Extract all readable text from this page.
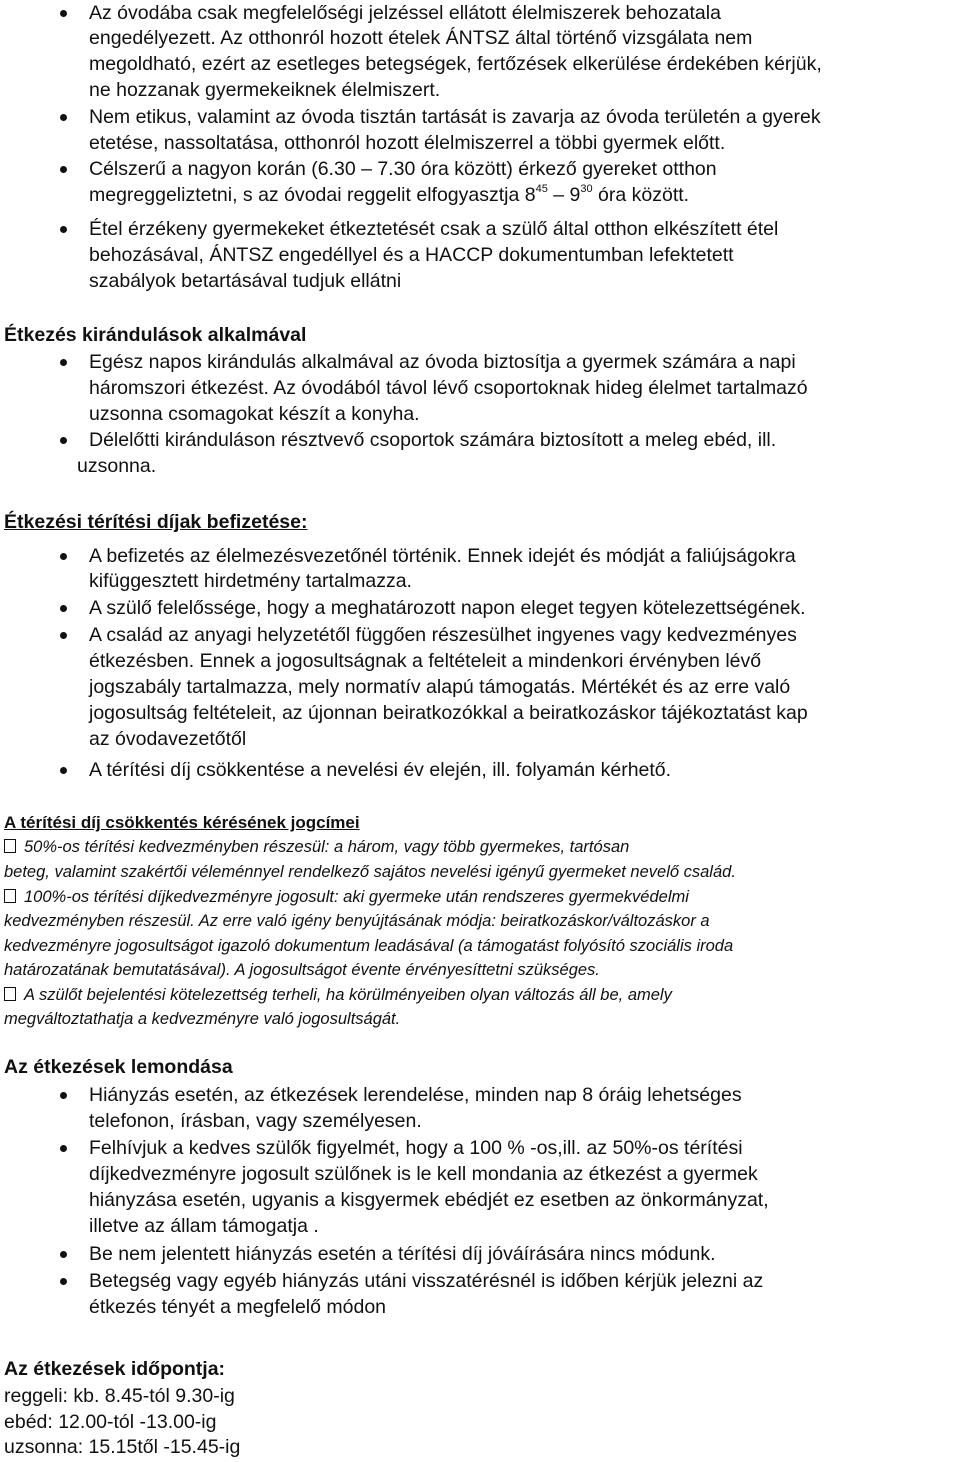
Az óvodába csak megfelelőségi jelzéssel ellátott élelmiszerek behozatala
engedélyezett. Az otthonról hozott ételek ÁNTSZ által történő vizsgálata nem
megoldható, ezért az esetleges betegségek, fertőzések elkerülése érdekében kérjük,
ne hozzanak gyermekeiknek élelmiszert.
Nem etikus, valamint az óvoda tisztán tartását is zavarja az óvoda területén a gyerek
etetése, nassoltatása, otthonról hozott élelmiszerrel a többi gyermek előtt.
Célszerű a nagyon korán (6.30 – 7.30 óra között) érkező gyereket otthon
megreggeliztetni, s az óvodai reggelit elfogyasztja $8^{45} - 9^{30}$ óra között.
Étel érzékeny gyermekeket étkeztetését csak a szülő által otthon elkészített étel
behozásával, ÁNTSZ engedéllyel és a HACCP dokumentumban lefektetett
szabályok betartásával tudjuk ellátni
Étkezés kirándulások alkalmával
Egész napos kirándulás alkalmával az óvoda biztosítja a gyermek számára a napi
háromszori étkezést. Az óvodából távol lévő csoportoknak hideg élelmet tartalmazó
uzsonna csomagokat készít a konyha.
Délelőtti kiránduláson résztvevő csoportok számára biztosított a meleg ebéd, ill.
uzsonna.
Étkezési térítési díjak befizetése:
A befizetés az élelmezésvezetőnél történik. Ennek idejét és módját a faliújságokra
kifüggesztett hirdetmény tartalmazza.
A szülő felelőssége, hogy a meghatározott napon eleget tegyen kötelezettségének.
A család az anyagi helyzetétől függően részesülhet ingyenes vagy kedvezményes
étkezésben. Ennek a jogosultságnak a feltételeit a mindenkori érvényben lévő
jogszabály tartalmazza, mely normatív alapú támogatás. Mértékét és az erre való
jogosultság feltételeit, az újonnan beiratkozókkal a beiratkozáskor tájékoztatást kap
az óvodavezetőtől
A térítési díj csökkentése a nevelési év elején, ill. folyamán kérhető.
A térítési díj csökkentés kérésének jogcímei
50%-os térítési kedvezményben részesül: a három, vagy több gyermekes, tartósan
beteg, valamint szakértői véleménnyel rendelkező sajátos nevelési igényű gyermeket nevelő család.
100%-os térítési díjkedvezményre jogosult: aki gyermeke után rendszeres gyermekvédelmi
kedvezményben részesül. Az erre való igény benyújtásának módja: beiratkozáskor/változáskor a
kedvezményre jogosultságot igazoló dokumentum leadásával (a támogatást folyósító szociális iroda
határozatának bemutatásával). A jogosultságot évente érvényesíttetni szükséges.
A szülőt bejelentési kötelezettség terheli, ha körülményeiben olyan változás áll be, amely
megváltoztathatja a kedvezményre való jogosultságát.
Az étkezések lemondása
Hiányzás esetén, az étkezések lerendelése, minden nap 8 óráig lehetséges
telefonon, írásban, vagy személyesen.
Felhívjuk a kedves szülők figyelmét, hogy a 100 % -os,ill. az 50%-os térítési
díjkedvezményre jogosult szülőnek is le kell mondania az étkezést a gyermek
hiányzása esetén, ugyanis a kisgyermek ebédjét ez esetben az önkormányzat,
illetve az állam támogatja .
Be nem jelentett hiányzás esetén a térítési díj jóváírására nincs módunk.
Betegség vagy egyéb hiányzás utáni visszatérésnél is időben kérjük jelezni az
étkezés tényét a megfelelő módon
Az étkezések időpontja:
reggeli: kb. 8.45-tól 9.30-ig
ebéd: 12.00-tól -13.00-ig
uzsonna: 15.15től -15.45-ig
